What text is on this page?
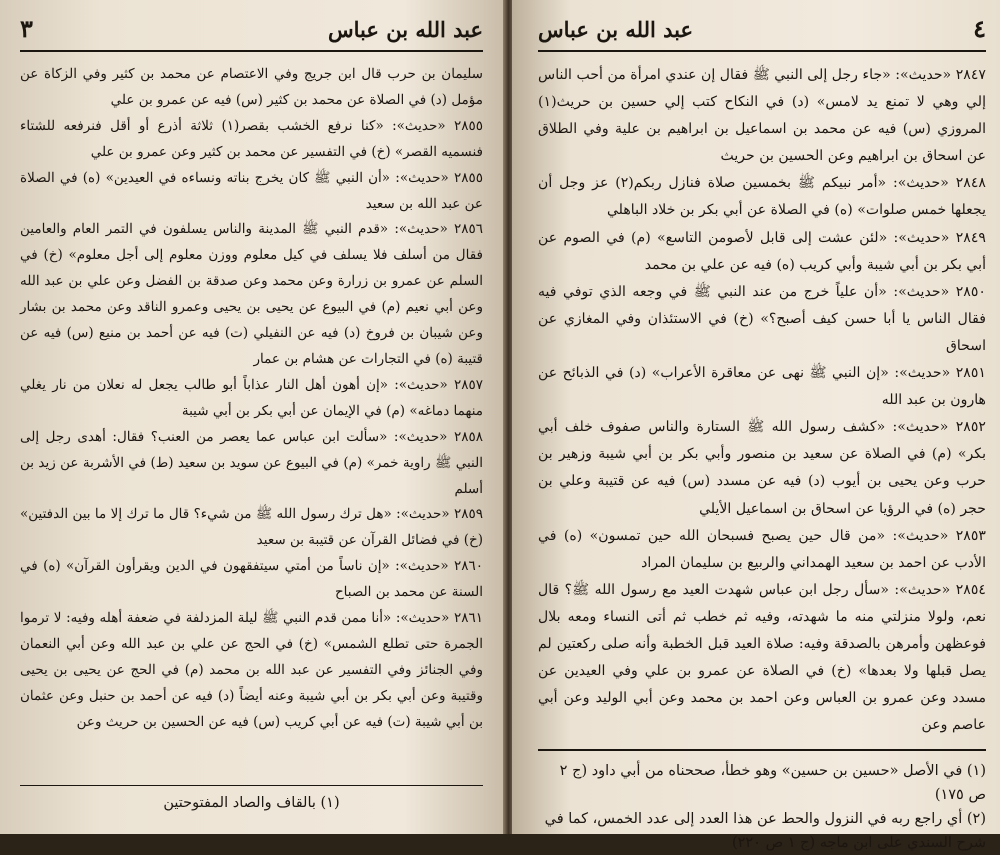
٣	عبد الله بن عباس

سليمان بن حرب قال ابن جريج وفي الاعتصام عن محمد بن كثير وفي الزكاة عن مؤمل (د) في الصلاة عن محمد بن كثير (س) فيه عن عمرو بن علي

٢٨٥٥ «حديث»: «كنا نرفع الخشب بقصر(١) ثلاثة أذرع أو أقل فنرفعه للشتاء فنسميه القصر» (خ) في التفسير عن محمد بن كثير وعن عمرو بن علي

٢٨٥٥ «حديث»: «أن النبي ﷺ كان يخرج بناته ونساءه في العيدين» (ه) في الصلاة عن عبد الله بن سعيد

٢٨٥٦ «حديث»: «قدم النبي ﷺ المدينة والناس يسلفون في التمر العام والعامين فقال من أسلف فلا يسلف في كيل معلوم ووزن معلوم إلى أجل معلوم» (خ) في السلم عن عمرو بن زرارة وعن محمد وعن صدقة بن الفضل وعن علي بن عبد الله وعن أبي نعيم (م) في البيوع عن يحيى بن يحيى وعمرو الناقد وعن محمد بن بشار وعن شيبان بن فروخ (د) فيه عن النفيلي (ت) فيه عن أحمد بن منيع (س) فيه عن قتيبة (ه) في التجارات عن هشام بن عمار

٢٨٥٧ «حديث»: «إن أهون أهل النار عذاباً أبو طالب يجعل له نعلان من نار يغلي منهما دماغه» (م) في الإيمان عن أبي بكر بن أبي شيبة

٢٨٥٨ «حديث»: «سألت ابن عباس عما يعصر من العنب؟ فقال: أهدى رجل إلى النبي ﷺ راوية خمر» (م) في البيوع عن سويد بن سعيد (ط) في الأشربة عن زيد بن أسلم

٢٨٥٩ «حديث»: «هل ترك رسول الله ﷺ من شيء؟ قال ما ترك إلا ما بين الدفتين» (خ) في فضائل القرآن عن قتيبة بن سعيد

٢٨٦٠ «حديث»: «إن ناساً من أمتي سيتفقهون في الدين ويقرأون القرآن» (ه) في السنة عن محمد بن الصباح

٢٨٦١ «حديث»: «أنا ممن قدم النبي ﷺ ليلة المزدلفة في ضعفة أهله وفيه: لا ترموا الجمرة حتى تطلع الشمس» (خ) في الحج عن علي بن عبد الله وعن أبي النعمان وفي الجنائز وفي التفسير عن عبد الله بن محمد (م) في الحج عن يحيى بن يحيى وقتيبة وعن أبي بكر بن أبي شيبة وعنه أيضاً (د) فيه عن أحمد بن حنبل وعن عثمان بن أبي شيبة (ت) فيه عن أبي كريب (س) فيه عن الحسين بن حريث وعن

(١) بالقاف والصاد المفتوحتين
عبد الله بن عباس	٤

٢٨٤٧ «حديث»: «جاء رجل إلى النبي ﷺ فقال إن عندي امرأة من أحب الناس إلي وهي لا تمنع يد لامس» (د) في النكاح كتب إلي حسين بن حريث(١) المروزي (س) فيه عن محمد بن اسماعيل بن ابراهيم بن علية وفي الطلاق عن اسحاق بن ابراهيم وعن الحسين بن حريث

٢٨٤٨ «حديث»: «أمر نبيكم ﷺ بخمسين صلاة فنازل ربكم(٢) عز وجل أن يجعلها خمس صلوات» (ه) في الصلاة عن أبي بكر بن خلاد الباهلي

٢٨٤٩ «حديث»: «لئن عشت إلى قابل لأصومن التاسع» (م) في الصوم عن أبي بكر بن أبي شيبة وأبي كريب (ه) فيه عن علي بن محمد

٢٨٥٠ «حديث»: «أن علياً خرج من عند النبي ﷺ في وجعه الذي توفي فيه فقال الناس يا أبا حسن كيف أصبح؟» (خ) في الاستئذان وفي المغازي عن اسحاق

٢٨٥١ «حديث»: «إن النبي ﷺ نهى عن معاقرة الأعراب» (د) في الذبائح عن هارون بن عبد الله

٢٨٥٢ «حديث»: «كشف رسول الله ﷺ الستارة والناس صفوف خلف أبي بكر» (م) في الصلاة عن سعيد بن منصور وأبي بكر بن أبي شيبة وزهير بن حرب وعن يحيى بن أيوب (د) فيه عن مسدد (س) فيه عن قتيبة وعلي بن حجر (ه) في الرؤيا عن اسحاق بن اسماعيل الأيلي

٢٨٥٣ «حديث»: «من قال حين يصبح فسبحان الله حين تمسون» (ه) في الأدب عن احمد بن سعيد الهمداني والربيع بن سليمان المراد

٢٨٥٤ «حديث»: «سأل رجل ابن عباس شهدت العيد مع رسول الله ﷺ؟ قال نعم، ولولا منزلتي منه ما شهدته، وفيه ثم خطب ثم أتى النساء ومعه بلال فوعظهن وأمرهن بالصدقة وفيه: صلاة العيد قبل الخطبة وأنه صلى ركعتين لم يصل قبلها ولا بعدها» (خ) في الصلاة عن عمرو بن علي وفي العيدين عن مسدد وعن عمرو بن العباس وعن احمد بن محمد وعن أبي الوليد وعن أبي عاصم وعن

(١) في الأصل «حسين بن حسين» وهو خطأ، صححناه من أبي داود (ج ٢ ص ١٧٥)

(٢) أي راجع ربه في النزول والحط عن هذا العدد إلى عدد الخمس، كما في شرح السندي على ابن ماجه (ج ١ ص ٢٢٠)
